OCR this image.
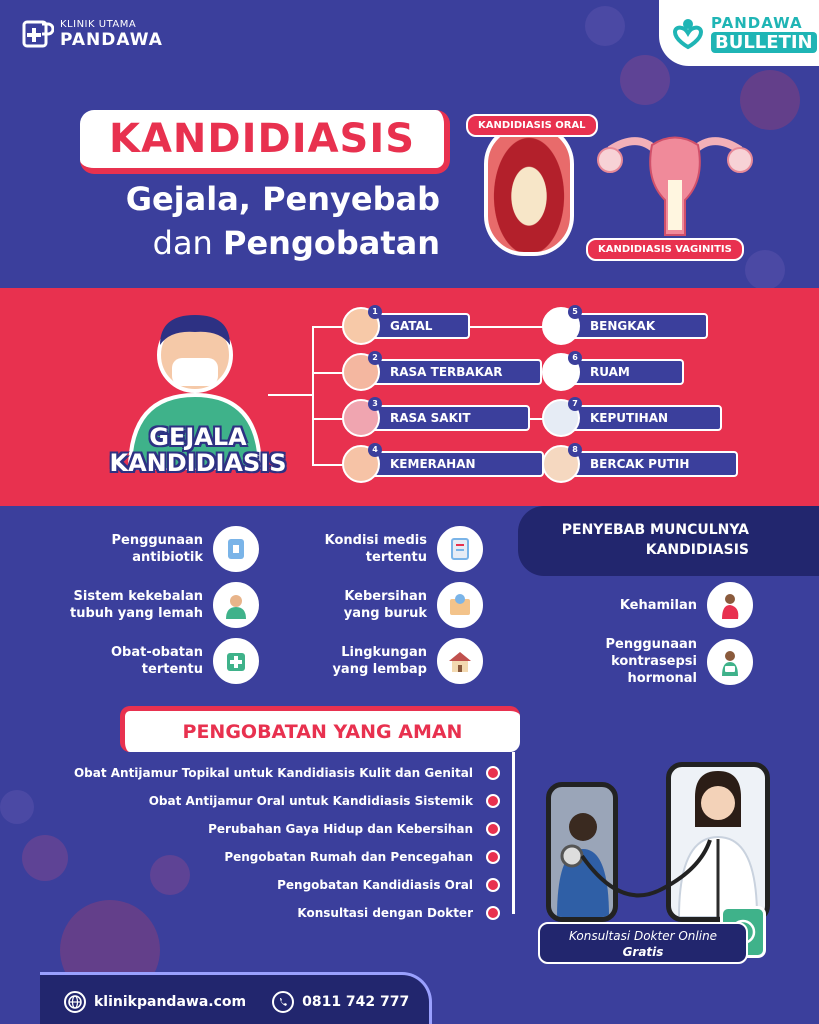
KLINIK UTAMA
PANDAWA
PANDAWA
BULLETIN
KANDIDIASIS
Gejala, Penyebab
dan Pengobatan
KANDIDIASIS ORAL
KANDIDIASIS VAGINITIS
GEJALA
KANDIDIASIS
1
GATAL
2
RASA TERBAKAR
3
RASA SAKIT
4
KEMERAHAN
5
BENGKAK
6
RUAM
7
KEPUTIHAN
8
BERCAK PUTIH
PENYEBAB MUNCULNYA
KANDIDIASIS
Penggunaan
antibiotik
Sistem kekebalan
tubuh yang lemah
Obat-obatan
tertentu
Kondisi medis
tertentu
Kebersihan
yang buruk
Lingkungan
yang lembap
Kehamilan
Penggunaan
kontrasepsi
hormonal
PENGOBATAN YANG AMAN
Obat Antijamur Topikal untuk Kandidiasis Kulit dan Genital
Obat Antijamur Oral untuk Kandidiasis Sistemik
Perubahan Gaya Hidup dan Kebersihan
Pengobatan Rumah dan Pencegahan
Pengobatan Kandidiasis Oral
Konsultasi dengan Dokter
Konsultasi Dokter Online
Gratis
klinikpandawa.com	0811 742 777
